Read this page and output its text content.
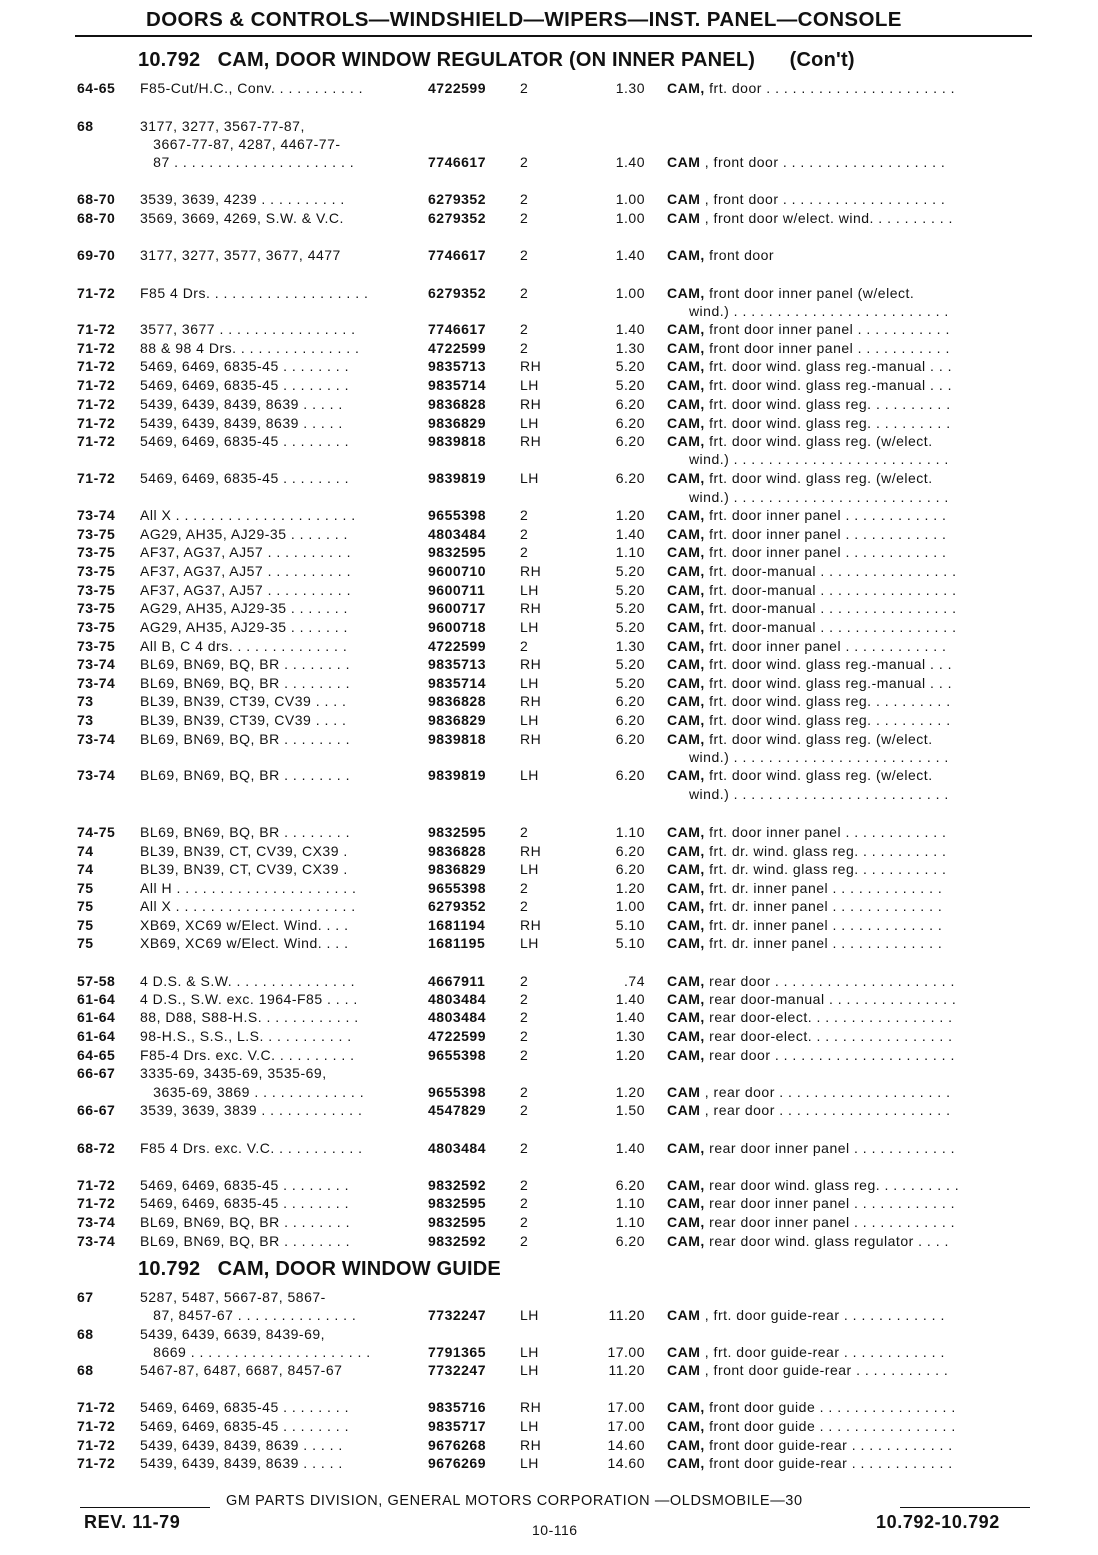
DOORS & CONTROLS—WINDSHIELD—WIPERS—INST. PANEL—CONSOLE
10.792 CAM, DOOR WINDOW REGULATOR (ON INNER PANEL) (Con't)
10.792 CAM, DOOR WINDOW GUIDE
64-65	F85-Cut/H.C., Conv. . . . . . . . . . .	4722599	2	1.30 CAM, frt. door . . . . . . . . . . . . . . . . . . . . . .
68	3177, 3277, 3567-77-87,
3667-77-87, 4287, 4467-77-
87 . . . . . . . . . . . . . . . . . . . . .	7746617	2	1.40 CAM , front door . . . . . . . . . . . . . . . . . . .
68-70	3539, 3639, 4239 . . . . . . . . . .	6279352	2	1.00 CAM , front door . . . . . . . . . . . . . . . . . . .
68-70	3569, 3669, 4269, S.W. & V.C.	6279352	2	1.00 CAM , front door w/elect. wind. . . . . . . . . .
69-70	3177, 3277, 3577, 3677, 4477	7746617	2	1.40 CAM, front door
71-72	F85 4 Drs. . . . . . . . . . . . . . . . . . .	6279352	2	1.00 CAM, front door inner panel (w/elect.
wind.) . . . . . . . . . . . . . . . . . . . . . . . . .
71-72	3577, 3677 . . . . . . . . . . . . . . . .	7746617	2	1.40 CAM, front door inner panel . . . . . . . . . . .
71-72	88 & 98 4 Drs. . . . . . . . . . . . . . .	4722599	2	1.30 CAM, front door inner panel . . . . . . . . . . .
71-72	5469, 6469, 6835-45 . . . . . . . .	9835713	RH	5.20 CAM, frt. door wind. glass reg.-manual . . .
71-72	5469, 6469, 6835-45 . . . . . . . .	9835714	LH	5.20 CAM, frt. door wind. glass reg.-manual . . .
71-72	5439, 6439, 8439, 8639 . . . . .	9836828	RH	6.20 CAM, frt. door wind. glass reg. . . . . . . . . .
71-72	5439, 6439, 8439, 8639 . . . . .	9836829	LH	6.20 CAM, frt. door wind. glass reg. . . . . . . . . .
71-72	5469, 6469, 6835-45 . . . . . . . .	9839818	RH	6.20 CAM, frt. door wind. glass reg. (w/elect.
wind.) . . . . . . . . . . . . . . . . . . . . . . . . .
71-72	5469, 6469, 6835-45 . . . . . . . .	9839819	LH	6.20 CAM, frt. door wind. glass reg. (w/elect.
wind.) . . . . . . . . . . . . . . . . . . . . . . . . .
73-74	All X . . . . . . . . . . . . . . . . . . . . .	9655398	2	1.20 CAM, frt. door inner panel . . . . . . . . . . . .
73-75	AG29, AH35, AJ29-35 . . . . . . .	4803484	2	1.40 CAM, frt. door inner panel . . . . . . . . . . . .
73-75	AF37, AG37, AJ57 . . . . . . . . . .	9832595	2	1.10 CAM, frt. door inner panel . . . . . . . . . . . .
73-75	AF37, AG37, AJ57 . . . . . . . . . .	9600710	RH	5.20 CAM, frt. door-manual . . . . . . . . . . . . . . . .
73-75	AF37, AG37, AJ57 . . . . . . . . . .	9600711	LH	5.20 CAM, frt. door-manual . . . . . . . . . . . . . . . .
73-75	AG29, AH35, AJ29-35 . . . . . . .	9600717	RH	5.20 CAM, frt. door-manual . . . . . . . . . . . . . . . .
73-75	AG29, AH35, AJ29-35 . . . . . . .	9600718	LH	5.20 CAM, frt. door-manual . . . . . . . . . . . . . . . .
73-75	All B, C 4 drs. . . . . . . . . . . . . .	4722599	2	1.30 CAM, frt. door inner panel . . . . . . . . . . . .
73-74	BL69, BN69, BQ, BR . . . . . . . .	9835713	RH	5.20 CAM, frt. door wind. glass reg.-manual . . .
73-74	BL69, BN69, BQ, BR . . . . . . . .	9835714	LH	5.20 CAM, frt. door wind. glass reg.-manual . . .
73	BL39, BN39, CT39, CV39 . . . .	9836828	RH	6.20 CAM, frt. door wind. glass reg. . . . . . . . . .
73	BL39, BN39, CT39, CV39 . . . .	9836829	LH	6.20 CAM, frt. door wind. glass reg. . . . . . . . . .
73-74	BL69, BN69, BQ, BR . . . . . . . .	9839818	RH	6.20 CAM, frt. door wind. glass reg. (w/elect.
wind.) . . . . . . . . . . . . . . . . . . . . . . . . .
73-74	BL69, BN69, BQ, BR . . . . . . . .	9839819	LH	6.20 CAM, frt. door wind. glass reg. (w/elect.
wind.) . . . . . . . . . . . . . . . . . . . . . . . . .
74-75	BL69, BN69, BQ, BR . . . . . . . .	9832595	2	1.10 CAM, frt. door inner panel . . . . . . . . . . . .
74	BL39, BN39, CT, CV39, CX39 .	9836828	RH	6.20 CAM, frt. dr. wind. glass reg. . . . . . . . . . .
74	BL39, BN39, CT, CV39, CX39 .	9836829	LH	6.20 CAM, frt. dr. wind. glass reg. . . . . . . . . . .
75	All H . . . . . . . . . . . . . . . . . . . . .	9655398	2	1.20 CAM, frt. dr. inner panel . . . . . . . . . . . . .
75	All X . . . . . . . . . . . . . . . . . . . . .	6279352	2	1.00 CAM, frt. dr. inner panel . . . . . . . . . . . . .
75	XB69, XC69 w/Elect. Wind. . . .	1681194	RH	5.10 CAM, frt. dr. inner panel . . . . . . . . . . . . .
75	XB69, XC69 w/Elect. Wind. . . .	1681195	LH	5.10 CAM, frt. dr. inner panel . . . . . . . . . . . . .
57-58	4 D.S. & S.W. . . . . . . . . . . . . . .	4667911	2	.74 CAM, rear door . . . . . . . . . . . . . . . . . . . . .
61-64	4 D.S., S.W. exc. 1964-F85 . . . .	4803484	2	1.40 CAM, rear door-manual . . . . . . . . . . . . . . .
61-64	88, D88, S88-H.S. . . . . . . . . . . .	4803484	2	1.40 CAM, rear door-elect. . . . . . . . . . . . . . . . .
61-64	98-H.S., S.S., L.S. . . . . . . . . . .	4722599	2	1.30 CAM, rear door-elect. . . . . . . . . . . . . . . . .
64-65	F85-4 Drs. exc. V.C. . . . . . . . . .	9655398	2	1.20 CAM, rear door . . . . . . . . . . . . . . . . . . . . .
66-67	3335-69, 3435-69, 3535-69,
3635-69, 3869 . . . . . . . . . . . . .	9655398	2	1.20 CAM , rear door . . . . . . . . . . . . . . . . . . . .
66-67	3539, 3639, 3839 . . . . . . . . . . . .	4547829	2	1.50 CAM , rear door . . . . . . . . . . . . . . . . . . . .
68-72	F85 4 Drs. exc. V.C. . . . . . . . . . .	4803484	2	1.40 CAM, rear door inner panel . . . . . . . . . . . .
71-72	5469, 6469, 6835-45 . . . . . . . .	9832592	2	6.20 CAM, rear door wind. glass reg. . . . . . . . . .
71-72	5469, 6469, 6835-45 . . . . . . . .	9832595	2	1.10 CAM, rear door inner panel . . . . . . . . . . . .
73-74	BL69, BN69, BQ, BR . . . . . . . .	9832595	2	1.10 CAM, rear door inner panel . . . . . . . . . . . .
73-74	BL69, BN69, BQ, BR . . . . . . . .	9832592	2	6.20 CAM, rear door wind. glass regulator . . . .
67	5287, 5487, 5667-87, 5867-
87, 8457-67 . . . . . . . . . . . . . .	7732247	LH	11.20 CAM , frt. door guide-rear . . . . . . . . . . . .
68	5439, 6439, 6639, 8439-69,
8669 . . . . . . . . . . . . . . . . . . . . .	7791365	LH	17.00 CAM , frt. door guide-rear . . . . . . . . . . . .
68	5467-87, 6487, 6687, 8457-67	7732247	LH	11.20 CAM , front door guide-rear . . . . . . . . . . .
71-72	5469, 6469, 6835-45 . . . . . . . .	9835716	RH	17.00 CAM, front door guide . . . . . . . . . . . . . . . .
71-72	5469, 6469, 6835-45 . . . . . . . .	9835717	LH	17.00 CAM, front door guide . . . . . . . . . . . . . . . .
71-72	5439, 6439, 8439, 8639 . . . . .	9676268	RH	14.60 CAM, front door guide-rear . . . . . . . . . . . .
71-72	5439, 6439, 8439, 8639 . . . . .	9676269	LH	14.60 CAM, front door guide-rear . . . . . . . . . . . .
GM PARTS DIVISION, GENERAL MOTORS CORPORATION —OLDSMOBILE—30
REV. 11-79	10-116	10.792-10.792
